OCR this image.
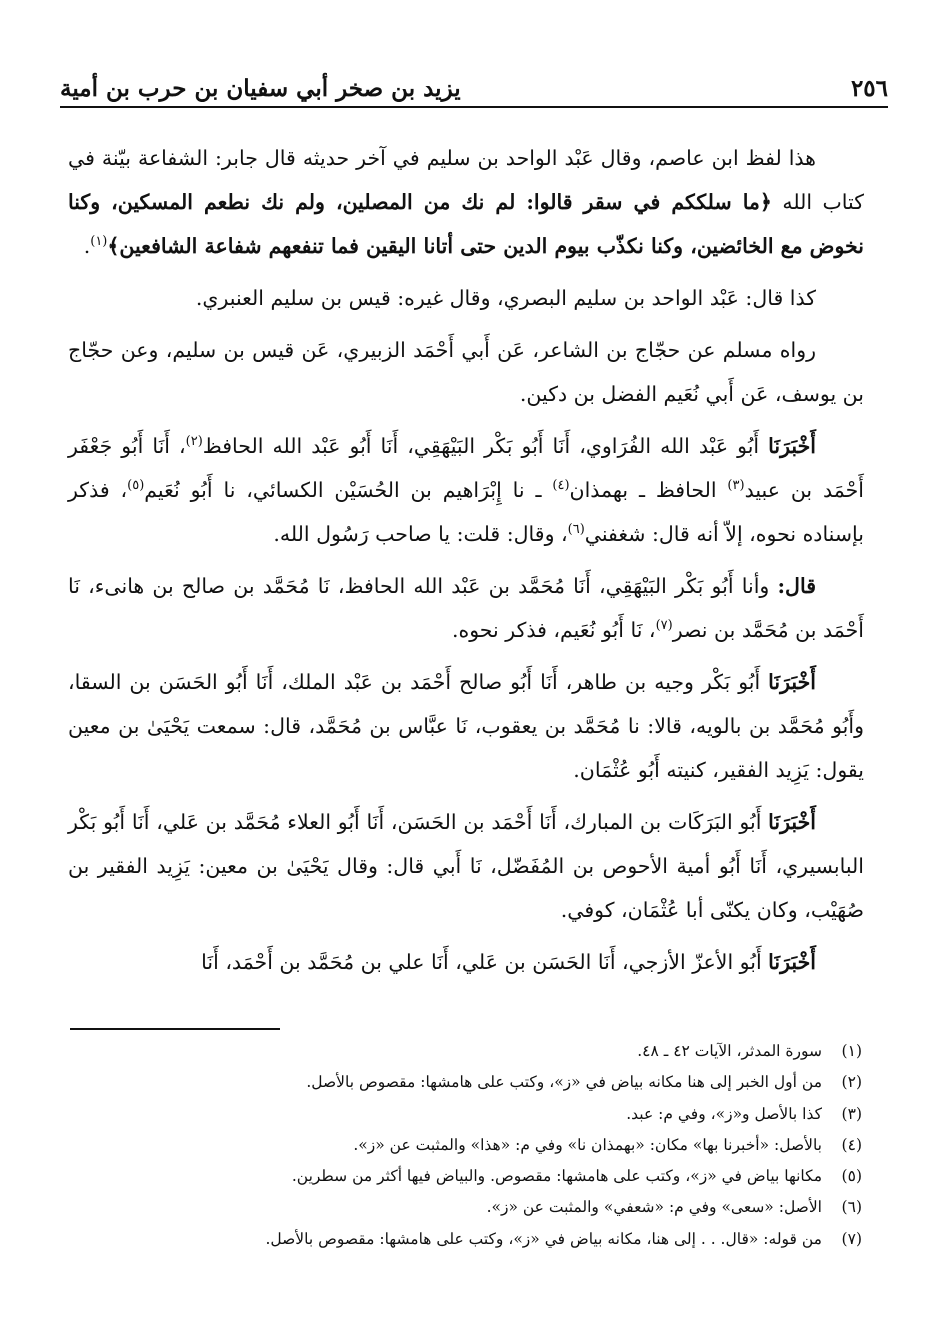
٢٥٦
يزيد بن صخر أبي سفيان بن حرب بن أمية

هذا لفظ ابن عاصم، وقال عَبْد الواحد بن سليم في آخر حديثه قال جابر: الشفاعة بيّنة في كتاب الله ﴿ما سلككم في سقر قالوا: لم نك من المصلين، ولم نك نطعم المسكين، وكنا نخوض مع الخائضين، وكنا نكذّب بيوم الدين حتى أتانا اليقين فما تنفعهم شفاعة الشافعين﴾$^{(١)}$.

كذا قال: عَبْد الواحد بن سليم البصري، وقال غيره: قيس بن سليم العنبري.

رواه مسلم عن حجّاج بن الشاعر، عَن أَبي أَحْمَد الزبيري، عَن قيس بن سليم، وعن حجّاج بن يوسف، عَن أَبي نُعَيم الفضل بن دكين.

أَخْبَرَنَا أَبُو عَبْد الله الفُرَاوي، أَنَا أَبُو بَكْر البَيْهَقِي، أَنَا أَبُو عَبْد الله الحافظ$^{(٢)}$، أَنَا أَبُو جَعْفَر أَحْمَد بن عبيد$^{(٣)}$ الحافظ ـ بهمذان$^{(٤)}$ ـ نا إِبْرَاهيم بن الحُسَيْن الكسائي، نا أَبُو نُعَيم$^{(٥)}$، فذكر بإسناده نحوه، إلاّ أنه قال: شغفني$^{(٦)}$، وقال: قلت: يا صاحب رَسُول الله.

قال: وأنا أَبُو بَكْر البَيْهَقِي، أَنَا مُحَمَّد بن عَبْد الله الحافظ، نَا مُحَمَّد بن صالح بن هانىء، نَا أَحْمَد بن مُحَمَّد بن نصر$^{(٧)}$، نَا أَبُو نُعَيم، فذكر نحوه.

أَخْبَرَنَا أَبُو بَكْر وجيه بن طاهر، أَنَا أَبُو صالح أَحْمَد بن عَبْد الملك، أَنَا أَبُو الحَسَن بن السقا، وأَبُو مُحَمَّد بن بالويه، قالا: نا مُحَمَّد بن يعقوب، نَا عبَّاس بن مُحَمَّد، قال: سمعت يَحْيَىٰ بن معين يقول: يَزِيد الفقير، كنيته أَبُو عُثْمَان.

أَخْبَرَنَا أَبُو البَرَكَات بن المبارك، أَنَا أَحْمَد بن الحَسَن، أَنَا أَبُو العلاء مُحَمَّد بن عَلي، أَنَا أَبُو بَكْر البابسيري، أَنَا أَبُو أمية الأحوص بن المُفَضّل، نَا أَبي قال: وقال يَحْيَىٰ بن معين: يَزِيد الفقير بن صُهَيْب، وكان يكنّى أبا عُثْمَان، كوفي.

أَخْبَرَنَا أَبُو الأعزّ الأزجي، أَنَا الحَسَن بن عَلي، أَنَا علي بن مُحَمَّد بن أَحْمَد، أَنَا

(١)
سورة المدثر، الآيات ٤٢ ـ ٤٨.
(٢)
من أول الخبر إلى هنا مكانه بياض في «ز»، وكتب على هامشها: مقصوص بالأصل.
(٣)
كذا بالأصل و«ز»، وفي م: عبد.
(٤)
بالأصل: «أخبرنا بها» مكان: «بهمذان نا» وفي م: «هذا» والمثبت عن «ز».
(٥)
مكانها بياض في «ز»، وكتب على هامشها: مقصوص. والبياض فيها أكثر من سطرين.
(٦)
الأصل: «سعى» وفي م: «شعفي» والمثبت عن «ز».
(٧)
من قوله: «قال. . . إلى هنا، مكانه بياض في «ز»، وكتب على هامشها: مقصوص بالأصل.
